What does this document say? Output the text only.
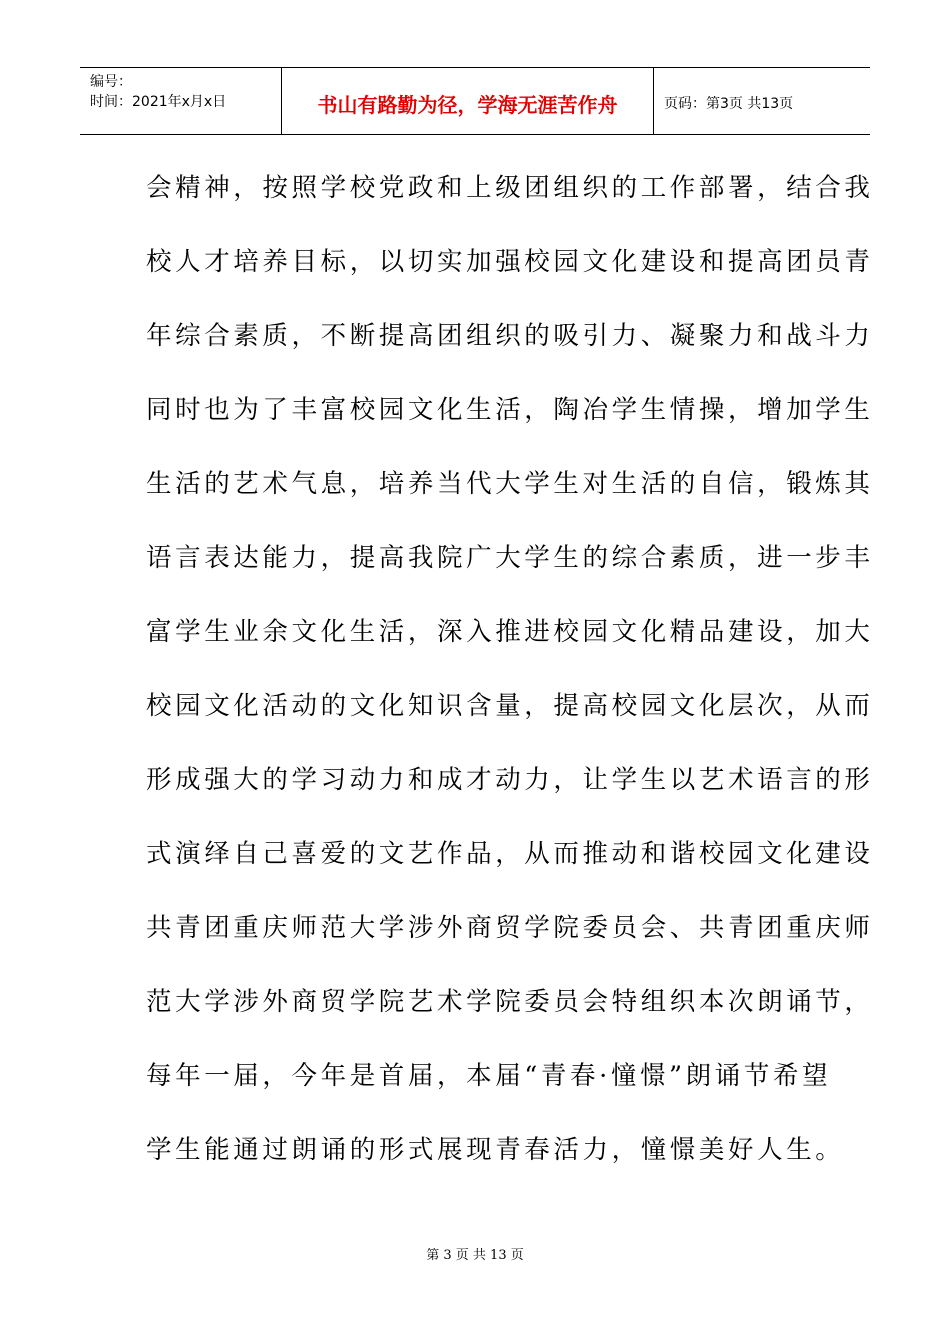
编号：
时间：2021年x月x日	书山有路勤为径，学海无涯苦作舟	页码：第3页 共13页
会精神，按照学校党政和上级团组织的工作部署，结合我
校人才培养目标，以切实加强校园文化建设和提高团员青
年综合素质，不断提高团组织的吸引力、凝聚力和战斗力
同时也为了丰富校园文化生活，陶冶学生情操，增加学生
生活的艺术气息，培养当代大学生对生活的自信，锻炼其
语言表达能力，提高我院广大学生的综合素质，进一步丰
富学生业余文化生活，深入推进校园文化精品建设，加大
校园文化活动的文化知识含量，提高校园文化层次，从而
形成强大的学习动力和成才动力，让学生以艺术语言的形
式演绎自己喜爱的文艺作品，从而推动和谐校园文化建设
共青团重庆师范大学涉外商贸学院委员会、共青团重庆师
范大学涉外商贸学院艺术学院委员会特组织本次朗诵节，
每年一届，今年是首届，本届“青春·憧憬”朗诵节希望
学生能通过朗诵的形式展现青春活力，憧憬美好人生。
第 3 页 共 13 页
